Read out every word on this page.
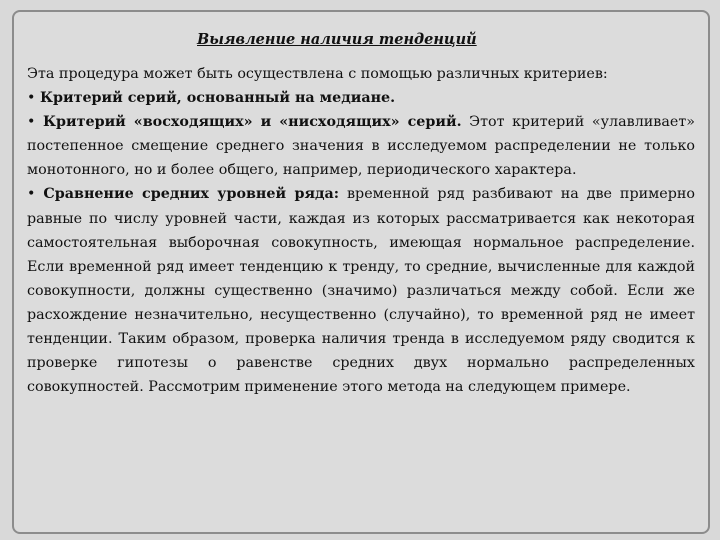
Выявление наличия тенденций

Эта процедура может быть осуществлена с помощью различных критериев:

• Критерий серий, основанный на медиане.

• Критерий «восходящих» и «нисходящих» серий. Этот критерий «улавливает» постепенное смещение среднего значения в исследуемом распределении не только монотонного, но и более общего, например, периодического характера.

• Сравнение средних уровней ряда: временной ряд разбивают на две примерно равные по числу уровней части, каждая из которых рассматривается как некоторая самостоятельная выборочная совокупность, имеющая нормальное распределение. Если временной ряд имеет тенденцию к тренду, то средние, вычисленные для каждой совокупности, должны существенно (значимо) различаться между собой. Если же расхождение незначительно, несущественно (случайно), то временной ряд не имеет тенденции. Таким образом, проверка наличия тренда в исследуемом ряду сводится к проверке гипотезы о равенстве средних двух нормально распределенных совокупностей. Рассмотрим применение этого метода на следующем примере.
